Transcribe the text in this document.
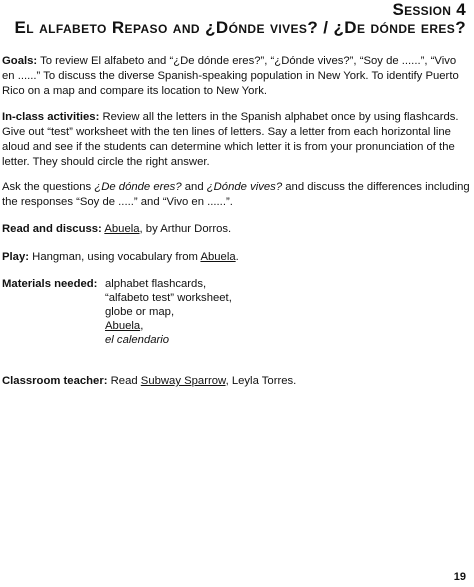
Session 4
El alfabeto Repaso and ¿Dónde vives? / ¿De dónde eres?
Goals: To review El alfabeto and “¿De dónde eres?”, “¿Dónde vives?”, “Soy de ......”, “Vivo en ......” To discuss the diverse Spanish-speaking population in New York. To identify Puerto Rico on a map and compare its location to New York.
In-class activities: Review all the letters in the Spanish alphabet once by using flashcards. Give out “test” worksheet with the ten lines of letters. Say a letter from each horizontal line aloud and see if the students can determine which letter it is from your pronunciation of the letter. They should circle the right answer.
Ask the questions ¿De dónde eres? and ¿Dónde vives? and discuss the differences including the responses “Soy de .....” and “Vivo en ......”.
Read and discuss: Abuela, by Arthur Dorros.
Play: Hangman, using vocabulary from Abuela.
Materials needed: alphabet flashcards,
“alfabeto test” worksheet,
globe or map,
Abuela,
el calendario
Classroom teacher: Read Subway Sparrow, Leyla Torres.
19
